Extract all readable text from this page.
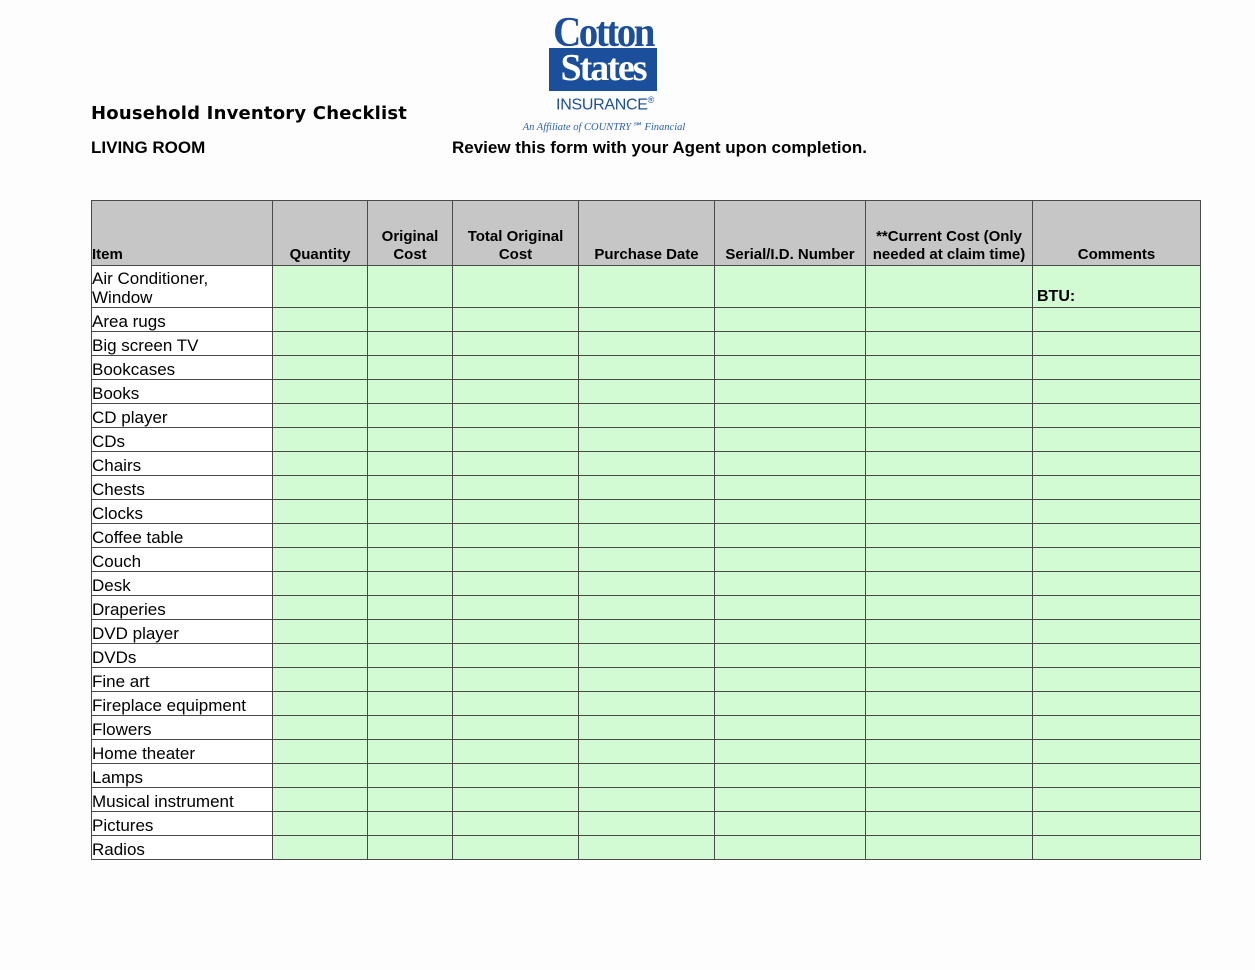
Cotton
States
INSURANCE®
An Affiliate of COUNTRY℠ Financial
Household Inventory Checklist
LIVING ROOM	Review this form with your Agent upon completion.
Item	Quantity	Original Cost	Total Original Cost	Purchase Date	Serial/I.D. Number	**Current Cost (Only needed at claim time)	Comments
Air Conditioner, Window							BTU:
Area rugs							
Big screen TV							
Bookcases							
Books							
CD player							
CDs							
Chairs							
Chests							
Clocks							
Coffee table							
Couch							
Desk							
Draperies							
DVD player							
DVDs							
Fine art							
Fireplace equipment							
Flowers							
Home theater							
Lamps							
Musical instrument							
Pictures							
Radios							
